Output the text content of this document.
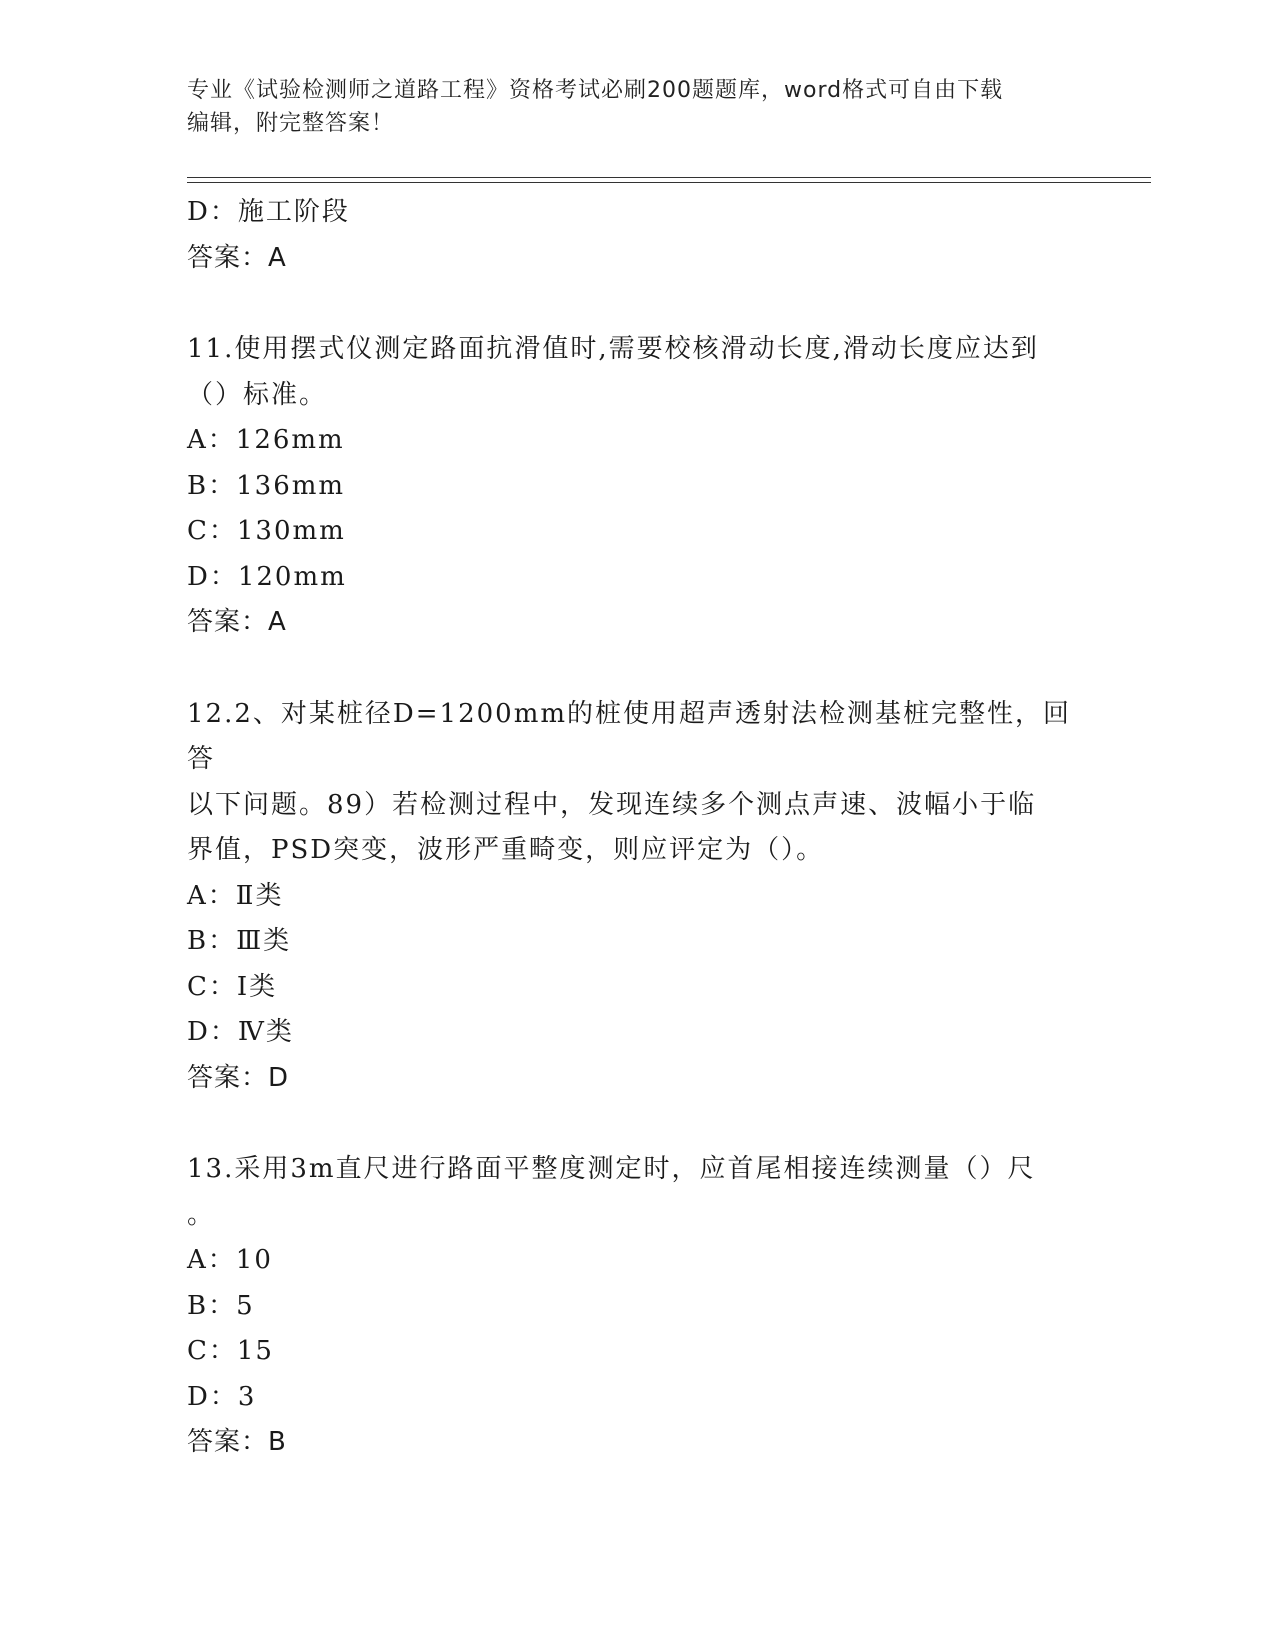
专业《试验检测师之道路工程》资格考试必刷200题题库，word格式可自由下载
编辑，附完整答案！
D：施工阶段
答案：A
11.使用摆式仪测定路面抗滑值时,需要校核滑动长度,滑动长度应达到
（）标准。
A：126mm
B：136mm
C：130mm
D：120mm
答案：A
12.2、对某桩径D=1200mm的桩使用超声透射法检测基桩完整性，回答
以下问题。89）若检测过程中，发现连续多个测点声速、波幅小于临
界值，PSD突变，波形严重畸变，则应评定为（）。
A：Ⅱ类
B：Ⅲ类
C：Ⅰ类
D：Ⅳ类
答案：D
13.采用3m直尺进行路面平整度测定时，应首尾相接连续测量（）尺
。
A：10
B：5
C：15
D：3
答案：B
